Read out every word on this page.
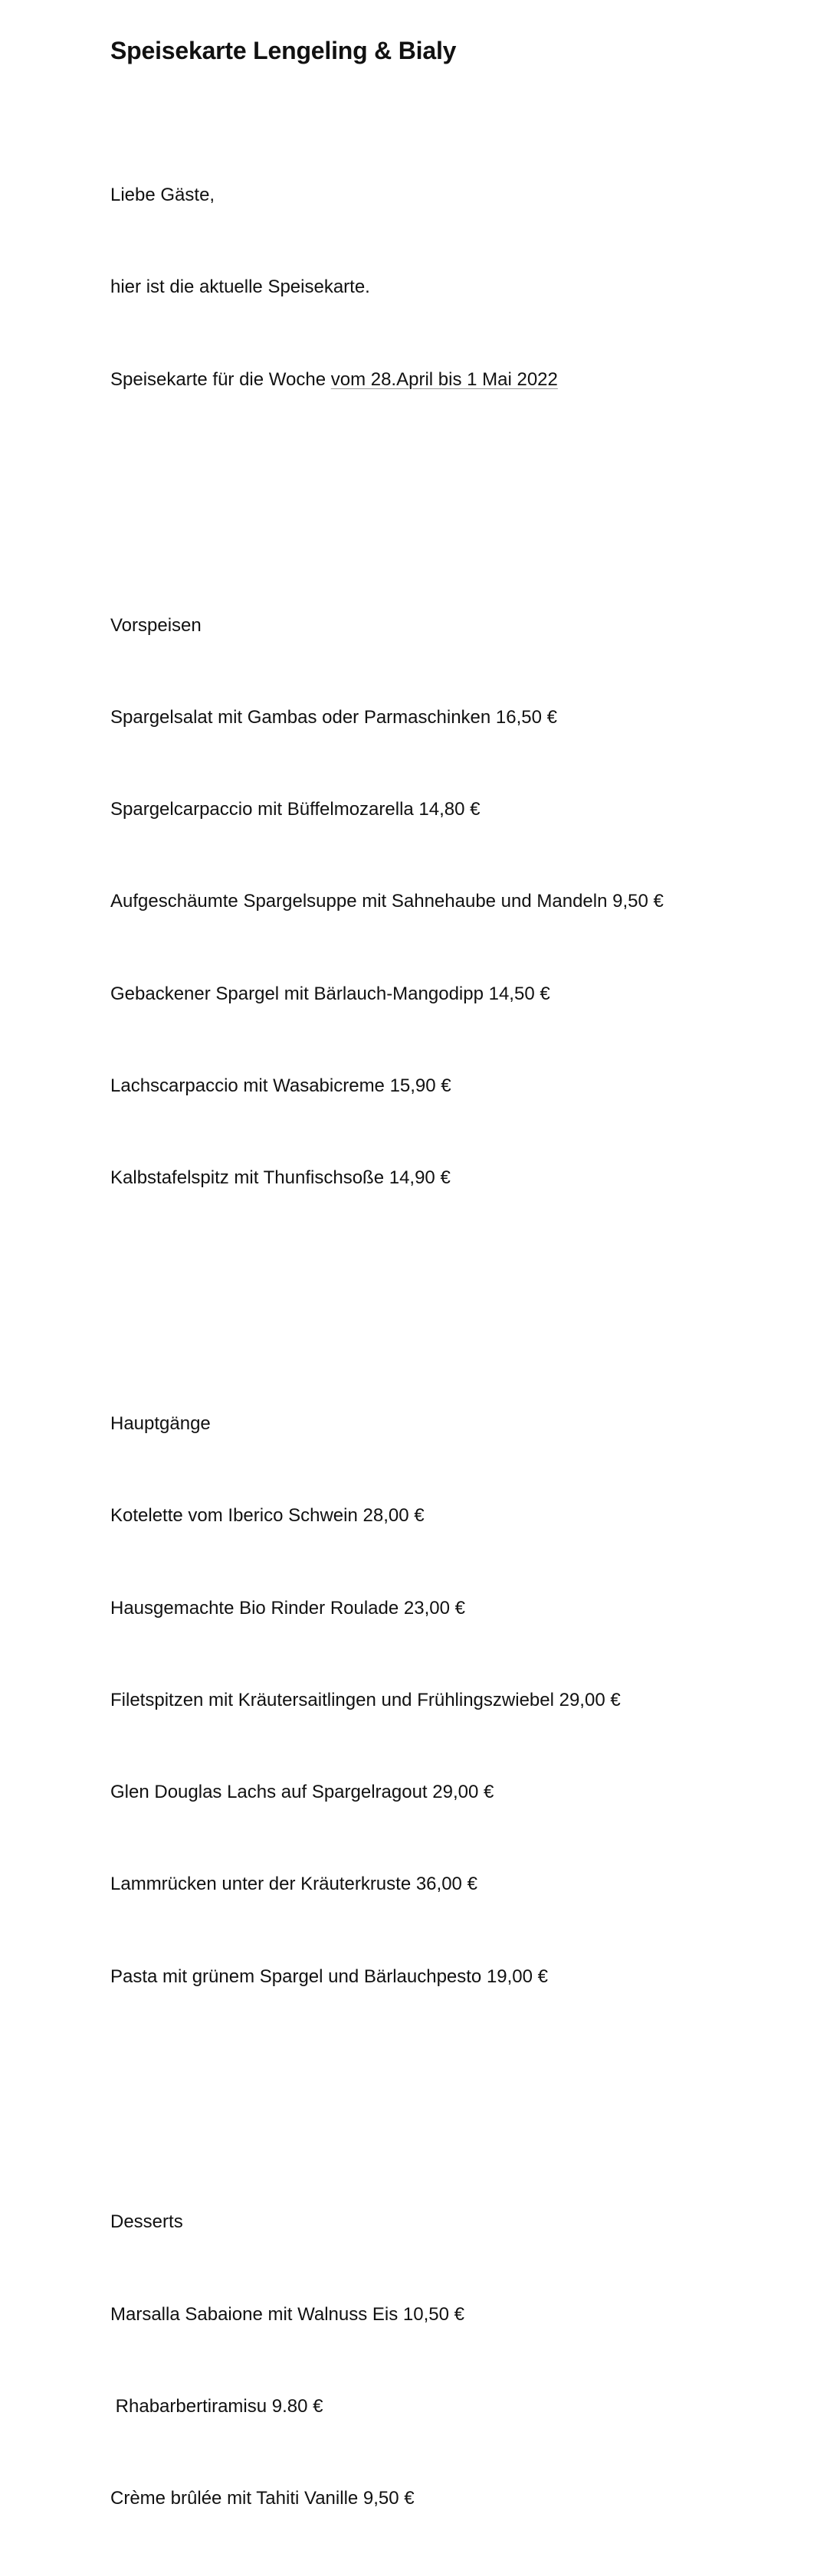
Speisekarte Lengeling & Bialy

Liebe Gäste,

hier ist die aktuelle Speisekarte.

Speisekarte für die Woche vom 28.April bis 1 Mai 2022

Vorspeisen

Spargelsalat mit Gambas oder Parmaschinken 16,50 €

Spargelcarpaccio mit Büffelmozarella 14,80 €

Aufgeschäumte Spargelsuppe mit Sahnehaube und Mandeln 9,50 €

Gebackener Spargel mit Bärlauch-Mangodipp 14,50 €

Lachscarpaccio mit Wasabicreme 15,90 €

Kalbstafelspitz mit Thunfischsoße 14,90 €

Hauptgänge

Kotelette vom Iberico Schwein 28,00 €

Hausgemachte Bio Rinder Roulade 23,00 €

Filetspitzen mit Kräutersaitlingen und Frühlingszwiebel 29,00 €

Glen Douglas Lachs auf Spargelragout 29,00 €

Lammrücken unter der Kräuterkruste 36,00 €

Pasta mit grünem Spargel und Bärlauchpesto 19,00 €

Desserts

Marsalla Sabaione mit Walnuss Eis 10,50 €

Rhabarbertiramisu 9.80 €

Crème brûlée mit Tahiti Vanille 9,50 €
